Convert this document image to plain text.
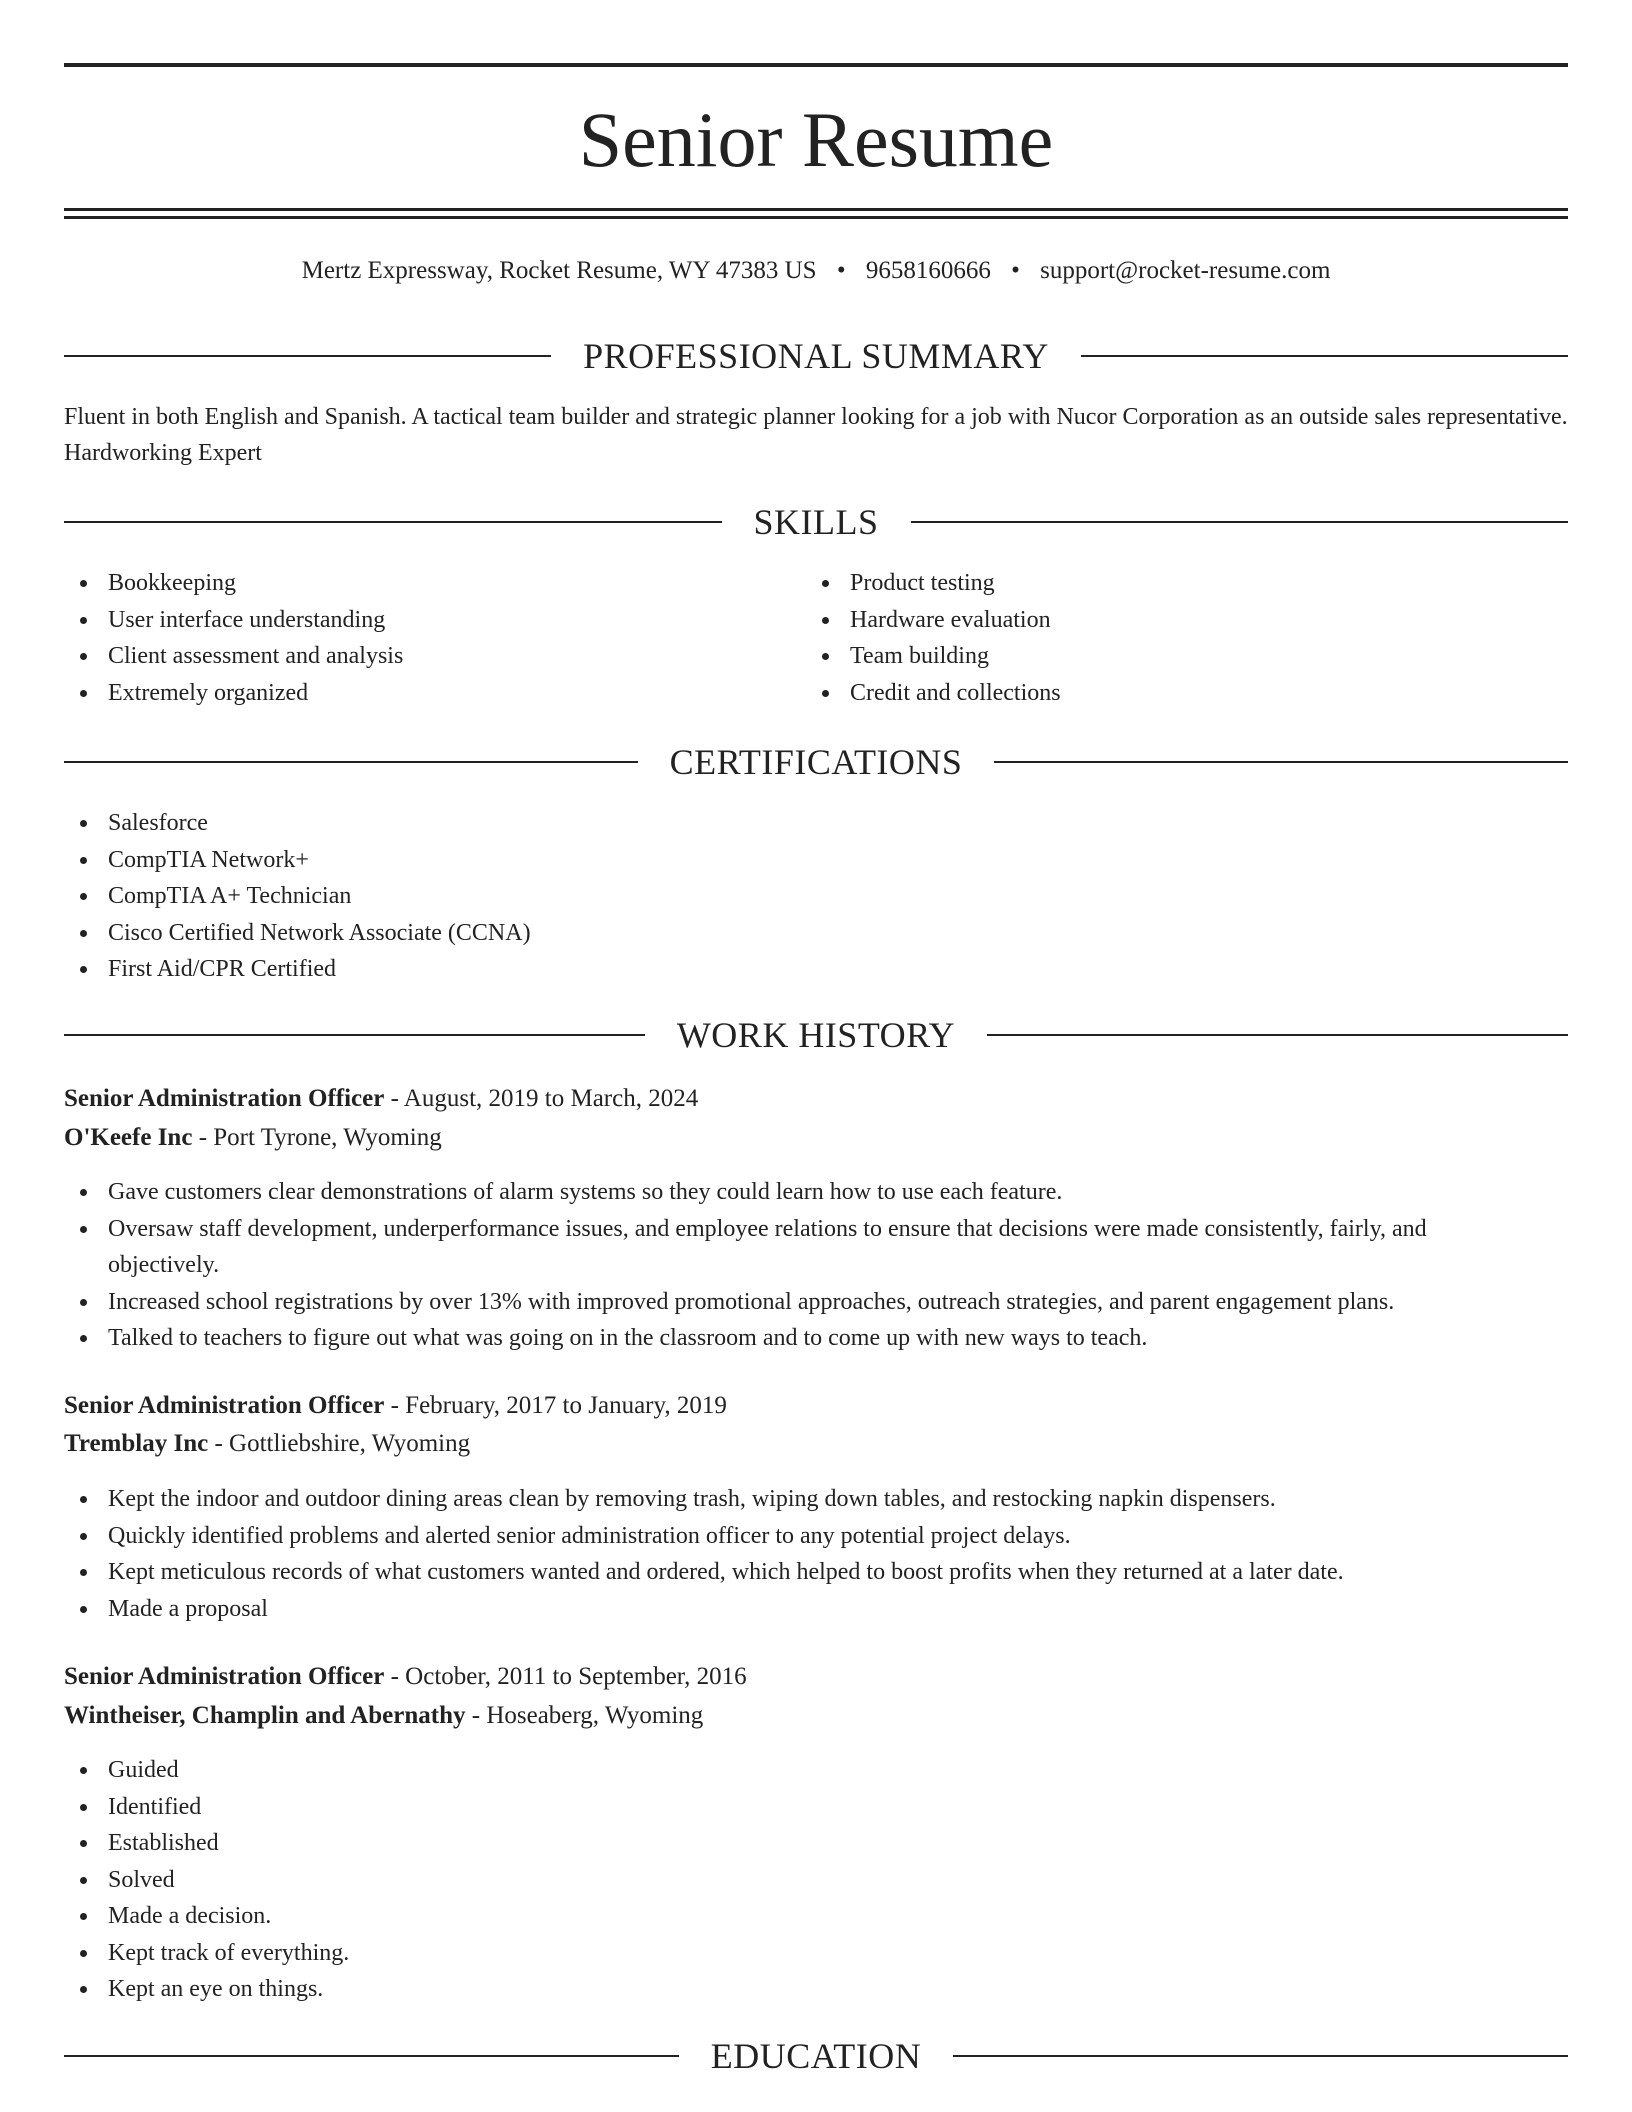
Senior Resume
Mertz Expressway, Rocket Resume, WY 47383 US • 9658160666 • support@rocket-resume.com
PROFESSIONAL SUMMARY
Fluent in both English and Spanish. A tactical team builder and strategic planner looking for a job with Nucor Corporation as an outside sales representative. Hardworking Expert
SKILLS
Bookkeeping
User interface understanding
Client assessment and analysis
Extremely organized
Product testing
Hardware evaluation
Team building
Credit and collections
CERTIFICATIONS
Salesforce
CompTIA Network+
CompTIA A+ Technician
Cisco Certified Network Associate (CCNA)
First Aid/CPR Certified
WORK HISTORY
Senior Administration Officer - August, 2019 to March, 2024
O'Keefe Inc - Port Tyrone, Wyoming
Gave customers clear demonstrations of alarm systems so they could learn how to use each feature.
Oversaw staff development, underperformance issues, and employee relations to ensure that decisions were made consistently, fairly, and objectively.
Increased school registrations by over 13% with improved promotional approaches, outreach strategies, and parent engagement plans.
Talked to teachers to figure out what was going on in the classroom and to come up with new ways to teach.
Senior Administration Officer - February, 2017 to January, 2019
Tremblay Inc - Gottliebshire, Wyoming
Kept the indoor and outdoor dining areas clean by removing trash, wiping down tables, and restocking napkin dispensers.
Quickly identified problems and alerted senior administration officer to any potential project delays.
Kept meticulous records of what customers wanted and ordered, which helped to boost profits when they returned at a later date.
Made a proposal
Senior Administration Officer - October, 2011 to September, 2016
Wintheiser, Champlin and Abernathy - Hoseaberg, Wyoming
Guided
Identified
Established
Solved
Made a decision.
Kept track of everything.
Kept an eye on things.
EDUCATION
